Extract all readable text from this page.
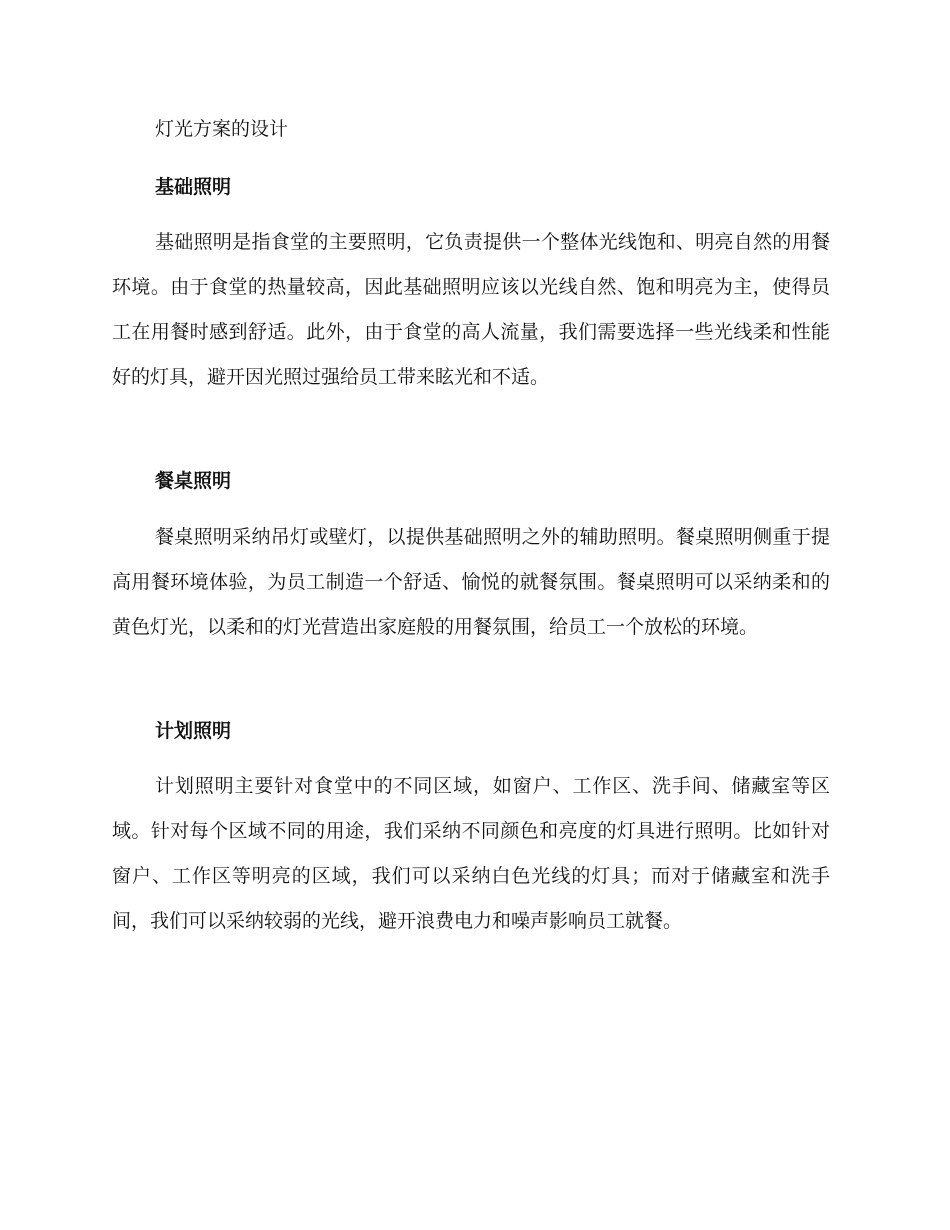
灯光方案的设计
基础照明

基础照明是指食堂的主要照明，它负责提供一个整体光线饱和、明亮自然的用餐环境。由于食堂的热量较高，因此基础照明应该以光线自然、饱和明亮为主，使得员工在用餐时感到舒适。此外，由于食堂的高人流量，我们需要选择一些光线柔和性能好的灯具，避开因光照过强给员工带来眩光和不适。

餐桌照明

餐桌照明采纳吊灯或壁灯，以提供基础照明之外的辅助照明。餐桌照明侧重于提高用餐环境体验，为员工制造一个舒适、愉悦的就餐氛围。餐桌照明可以采纳柔和的黄色灯光，以柔和的灯光营造出家庭般的用餐氛围，给员工一个放松的环境。

计划照明

计划照明主要针对食堂中的不同区域，如窗户、工作区、洗手间、储藏室等区域。针对每个区域不同的用途，我们采纳不同颜色和亮度的灯具进行照明。比如针对窗户、工作区等明亮的区域，我们可以采纳白色光线的灯具；而对于储藏室和洗手间，我们可以采纳较弱的光线，避开浪费电力和噪声影响员工就餐。
